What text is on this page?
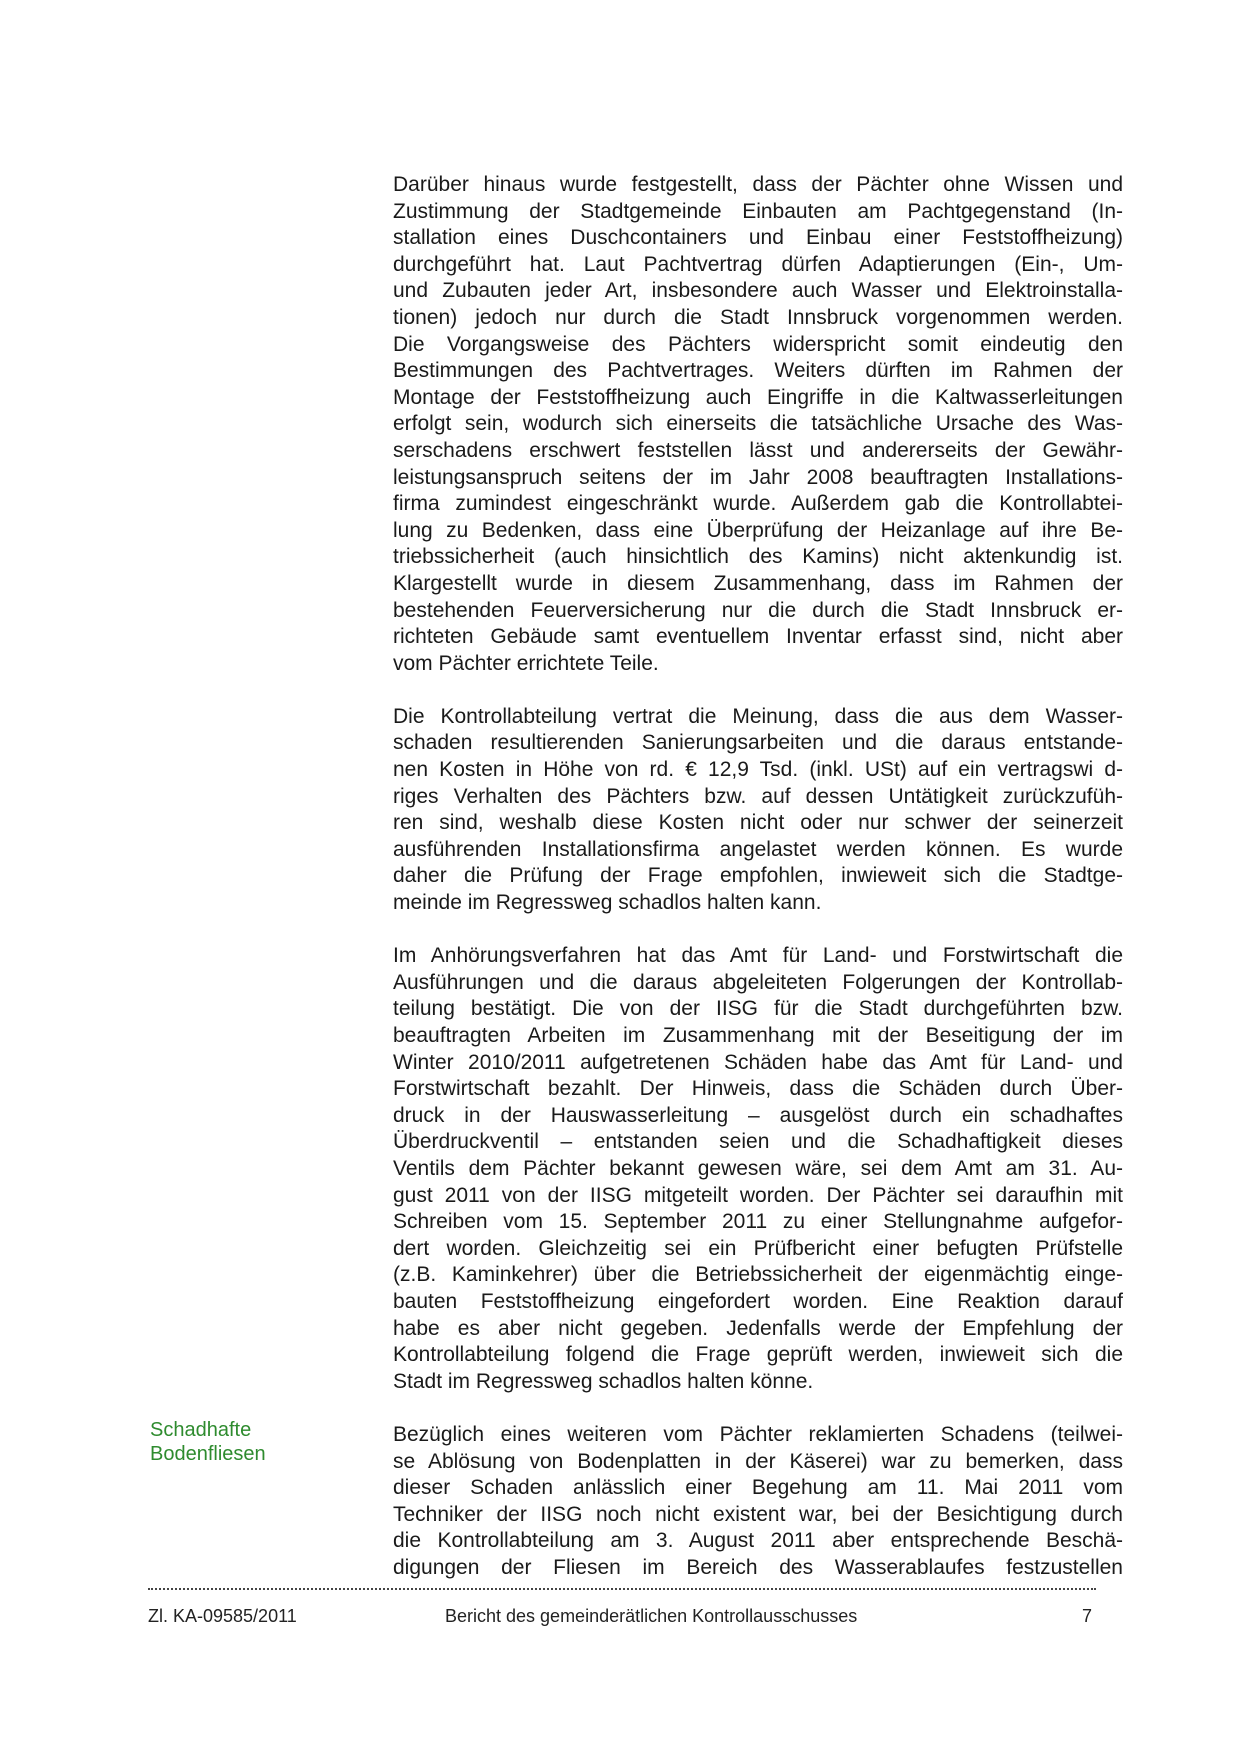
Darüber hinaus wurde festgestellt, dass der Pächter ohne Wissen und
Zustimmung der Stadtgemeinde Einbauten am Pachtgegenstand (In-
stallation eines Duschcontainers und Einbau einer Feststoffheizung)
durchgeführt hat. Laut Pachtvertrag dürfen Adaptierungen (Ein-, Um-
und Zubauten jeder Art, insbesondere auch Wasser und Elektroinstalla-
tionen) jedoch nur durch die Stadt Innsbruck vorgenommen werden.
Die Vorgangsweise des Pächters widerspricht somit eindeutig den
Bestimmungen des Pachtvertrages. Weiters dürften im Rahmen der
Montage der Feststoffheizung auch Eingriffe in die Kaltwasserleitungen
erfolgt sein, wodurch sich einerseits die tatsächliche Ursache des Was-
serschadens erschwert feststellen lässt und andererseits der Gewähr-
leistungsanspruch seitens der im Jahr 2008 beauftragten Installations-
firma zumindest eingeschränkt wurde. Außerdem gab die Kontrollabtei-
lung zu Bedenken, dass eine Überprüfung der Heizanlage auf ihre Be-
triebssicherheit (auch hinsichtlich des Kamins) nicht aktenkundig ist.
Klargestellt wurde in diesem Zusammenhang, dass im Rahmen der
bestehenden Feuerversicherung nur die durch die Stadt Innsbruck er-
richteten Gebäude samt eventuellem Inventar erfasst sind, nicht aber
vom Pächter errichtete Teile.

Die Kontrollabteilung vertrat die Meinung, dass die aus dem Wasser-
schaden resultierenden Sanierungsarbeiten und die daraus entstande-
nen Kosten in Höhe von rd. € 12,9 Tsd. (inkl. USt) auf ein vertragswi d-
riges Verhalten des Pächters bzw. auf dessen Untätigkeit zurückzufüh-
ren sind, weshalb diese Kosten nicht oder nur schwer der seinerzeit
ausführenden Installationsfirma angelastet werden können. Es wurde
daher die Prüfung der Frage empfohlen, inwieweit sich die Stadtge-
meinde im Regressweg schadlos halten kann.

Im Anhörungsverfahren hat das Amt für Land- und Forstwirtschaft die
Ausführungen und die daraus abgeleiteten Folgerungen der Kontrollab-
teilung bestätigt. Die von der IISG für die Stadt durchgeführten bzw.
beauftragten Arbeiten im Zusammenhang mit der Beseitigung der im
Winter 2010/2011 aufgetretenen Schäden habe das Amt für Land- und
Forstwirtschaft bezahlt. Der Hinweis, dass die Schäden durch Über-
druck in der Hauswasserleitung – ausgelöst durch ein schadhaftes
Überdruckventil – entstanden seien und die Schadhaftigkeit dieses
Ventils dem Pächter bekannt gewesen wäre, sei dem Amt am 31. Au-
gust 2011 von der IISG mitgeteilt worden. Der Pächter sei daraufhin mit
Schreiben vom 15. September 2011 zu einer Stellungnahme aufgefor-
dert worden. Gleichzeitig sei ein Prüfbericht einer befugten Prüfstelle
(z.B. Kaminkehrer) über die Betriebssicherheit der eigenmächtig einge-
bauten Feststoffheizung eingefordert worden. Eine Reaktion darauf
habe es aber nicht gegeben. Jedenfalls werde der Empfehlung der
Kontrollabteilung folgend die Frage geprüft werden, inwieweit sich die
Stadt im Regressweg schadlos halten könne.

Bezüglich eines weiteren vom Pächter reklamierten Schadens (teilwei-
se Ablösung von Bodenplatten in der Käserei) war zu bemerken, dass
dieser Schaden anlässlich einer Begehung am 11. Mai 2011 vom
Techniker der IISG noch nicht existent war, bei der Besichtigung durch
die Kontrollabteilung am 3. August 2011 aber entsprechende Beschä-
digungen der Fliesen im Bereich des Wasserablaufes festzustellen

Schadhafte
Bodenfliesen
Zl. KA-09585/2011	Bericht des gemeinderätlichen Kontrollausschusses	7
